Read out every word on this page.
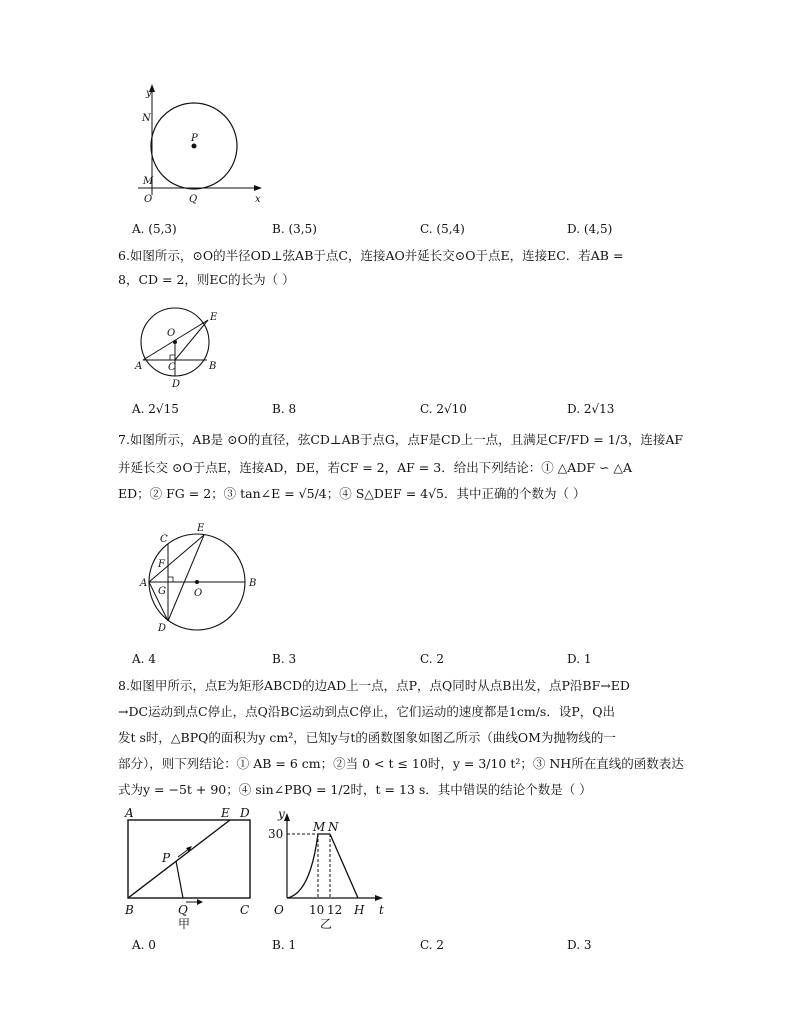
y
N
P
M
O	Q	x
A. (5,3)	B. (3,5)	C. (5,4)	D. (4,5)
6.如图所示，⊙O的半径OD⊥弦AB于点C，连接AO并延长交⊙O于点E，连接EC．若AB =
8，CD = 2，则EC的长为（ ）
O
E
A	C	B
D
A. 2√15	B. 8	C. 2√10	D. 2√13
7.如图所示，AB是 ⊙O的直径，弦CD⊥AB于点G，点F是CD上一点，且满足CF/FD = 1/3，连接AF
并延长交 ⊙O于点E，连接AD，DE，若CF = 2，AF = 3．给出下列结论：① △ADF ∽ △A
ED；② FG = 2；③ tan∠E = √5/4；④ S△DEF = 4√5．其中正确的个数为（ ）
E
C
F
A
G	O
B
D
A. 4	B. 3	C. 2	D. 1
8.如图甲所示，点E为矩形ABCD的边AD上一点，点P，点Q同时从点B出发，点P沿BF→ED
→DC运动到点C停止，点Q沿BC运动到点C停止，它们运动的速度都是1cm/s．设P，Q出
发t s时，△BPQ的面积为y cm²，已知y与t的函数图象如图乙所示（曲线OM为抛物线的一
部分），则下列结论：① AB = 6 cm；②当 0 < t ≤ 10时，y = 3/10 t²；③ NH所在直线的函数表达
式为y = −5t + 90；④ sin∠PBQ = 1/2时，t = 13 s．其中错误的结论个数是（ ）
A	E D
P
B	Q	C
甲
y
30 M N
O 10 12 H t
乙
A. 0	B. 1	C. 2	D. 3
